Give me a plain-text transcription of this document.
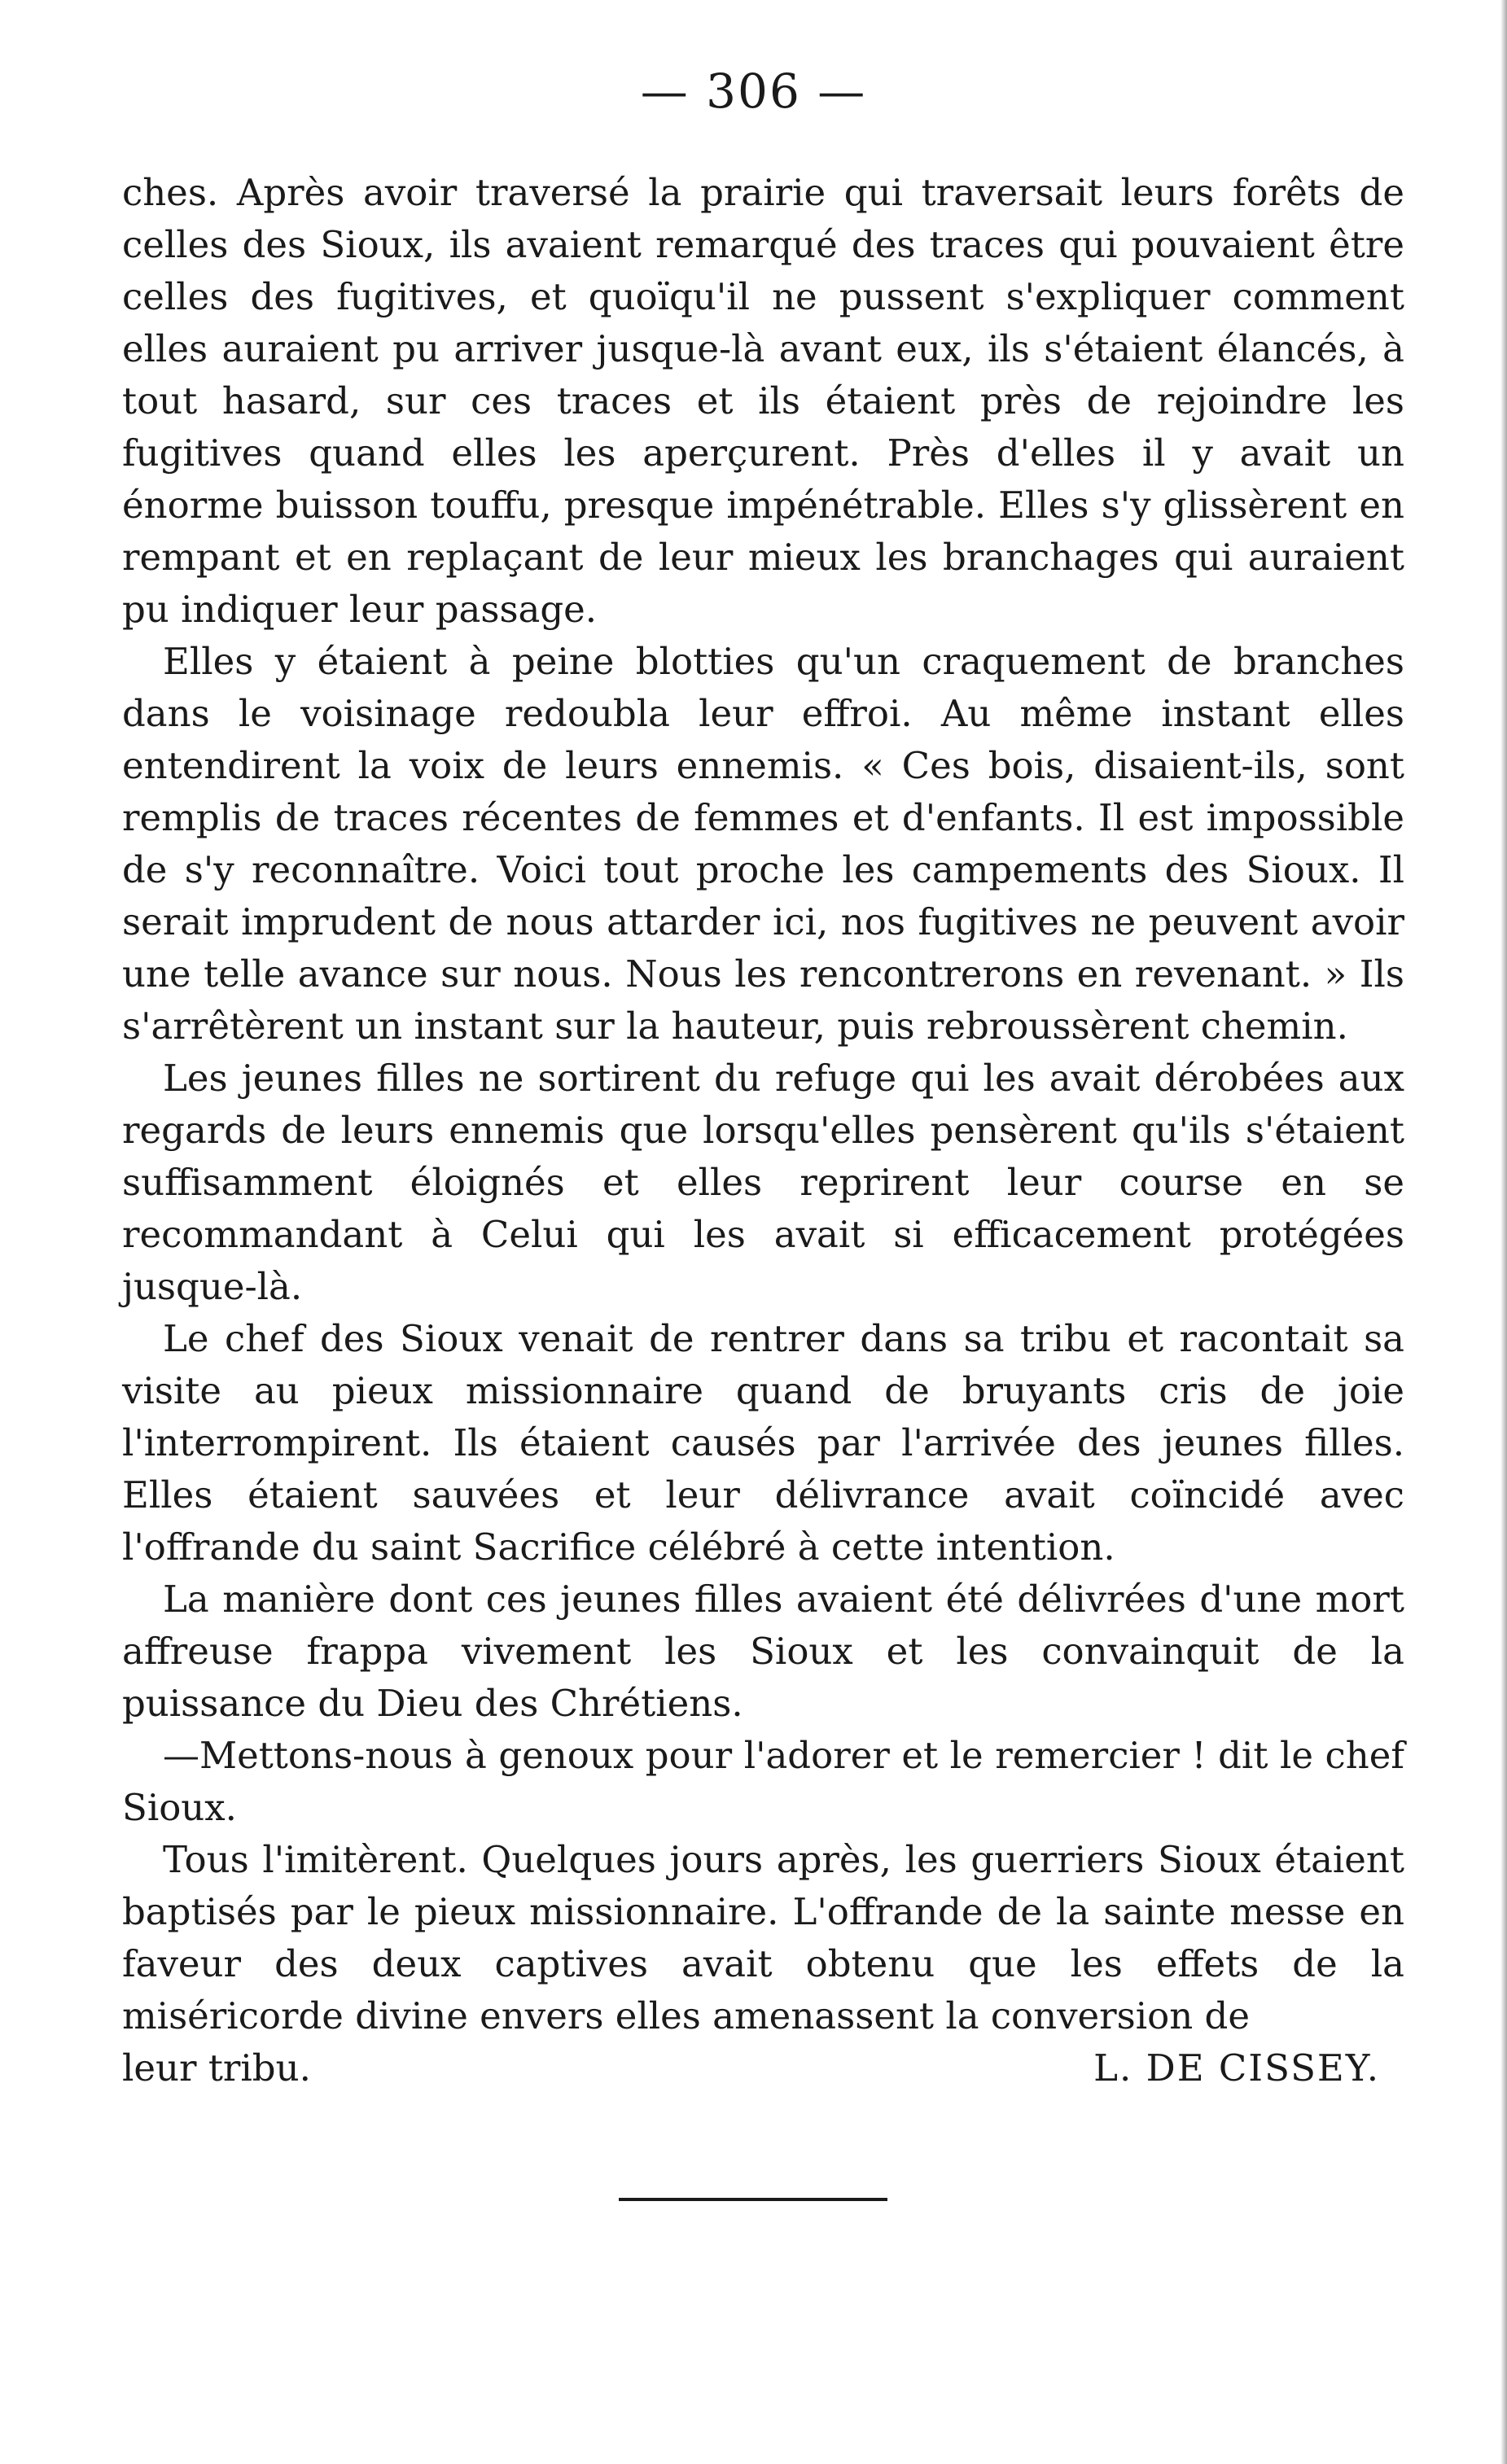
— 306 —

ches. Après avoir traversé la prairie qui traversait leurs forêts de celles des Sioux, ils avaient remarqué des traces qui pouvaient être celles des fugitives, et quoïqu'il ne pussent s'expliquer comment elles auraient pu arriver jusque-là avant eux, ils s'étaient élancés, à tout hasard, sur ces traces et ils étaient près de rejoindre les fugitives quand elles les aperçurent. Près d'elles il y avait un énorme buisson touffu, presque impénétrable. Elles s'y glissèrent en rempant et en replaçant de leur mieux les branchages qui auraient pu indiquer leur passage.

Elles y étaient à peine blotties qu'un craquement de branches dans le voisinage redoubla leur effroi. Au même instant elles entendirent la voix de leurs ennemis. « Ces bois, disaient-ils, sont remplis de traces récentes de femmes et d'enfants. Il est impossible de s'y reconnaître. Voici tout proche les campements des Sioux. Il serait imprudent de nous attarder ici, nos fugitives ne peuvent avoir une telle avance sur nous. Nous les rencontrerons en revenant. » Ils s'arrêtèrent un instant sur la hauteur, puis rebroussèrent chemin.

Les jeunes filles ne sortirent du refuge qui les avait dérobées aux regards de leurs ennemis que lorsqu'elles pensèrent qu'ils s'étaient suffisamment éloignés et elles reprirent leur course en se recommandant à Celui qui les avait si efficacement protégées jusque-là.

Le chef des Sioux venait de rentrer dans sa tribu et racontait sa visite au pieux missionnaire quand de bruyants cris de joie l'interrompirent. Ils étaient causés par l'arrivée des jeunes filles. Elles étaient sauvées et leur délivrance avait coïncidé avec l'offrande du saint Sacrifice célébré à cette intention.

La manière dont ces jeunes filles avaient été délivrées d'une mort affreuse frappa vivement les Sioux et les convainquit de la puissance du Dieu des Chrétiens.

—Mettons-nous à genoux pour l'adorer et le remercier ! dit le chef Sioux.

Tous l'imitèrent. Quelques jours après, les guerriers Sioux étaient baptisés par le pieux missionnaire. L'offrande de la sainte messe en faveur des deux captives avait obtenu que les effets de la miséricorde divine envers elles amenassent la conversion de

leur tribu.	L. DE CISSEY.
